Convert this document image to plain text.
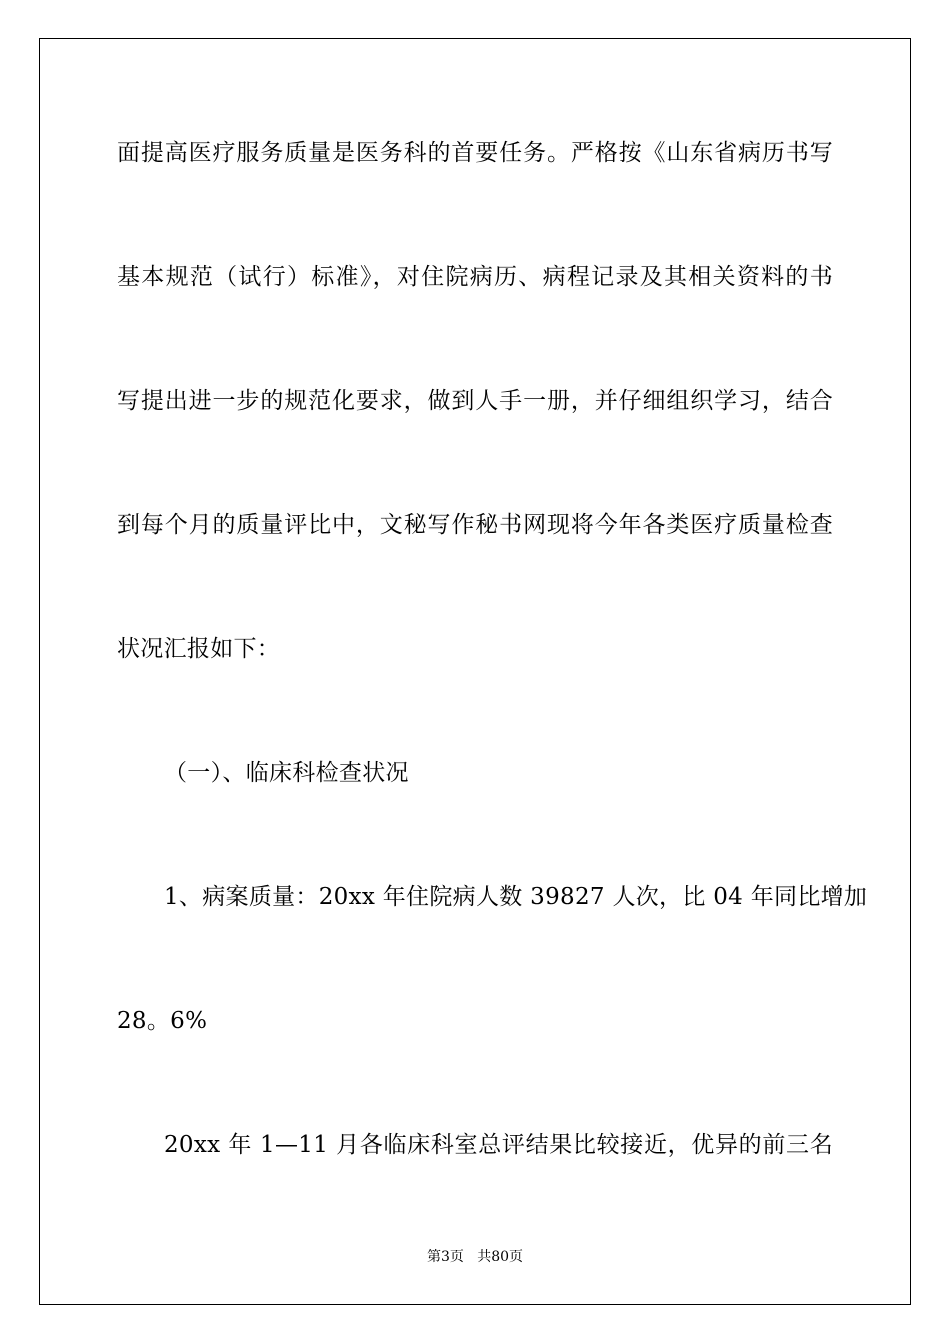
面提高医疗服务质量是医务科的首要任务。严格按《山东省病历书写
基本规范（试行）标准》，对住院病历、病程记录及其相关资料的书
写提出进一步的规范化要求，做到人手一册，并仔细组织学习，结合
到每个月的质量评比中，文秘写作秘书网现将今年各类医疗质量检查
状况汇报如下：
（一）、临床科检查状况
1、病案质量：20xx 年住院病人数 39827 人次，比 04 年同比增加
28。6%
20xx 年 1—11 月各临床科室总评结果比较接近，优异的前三名
第3页   共80页
